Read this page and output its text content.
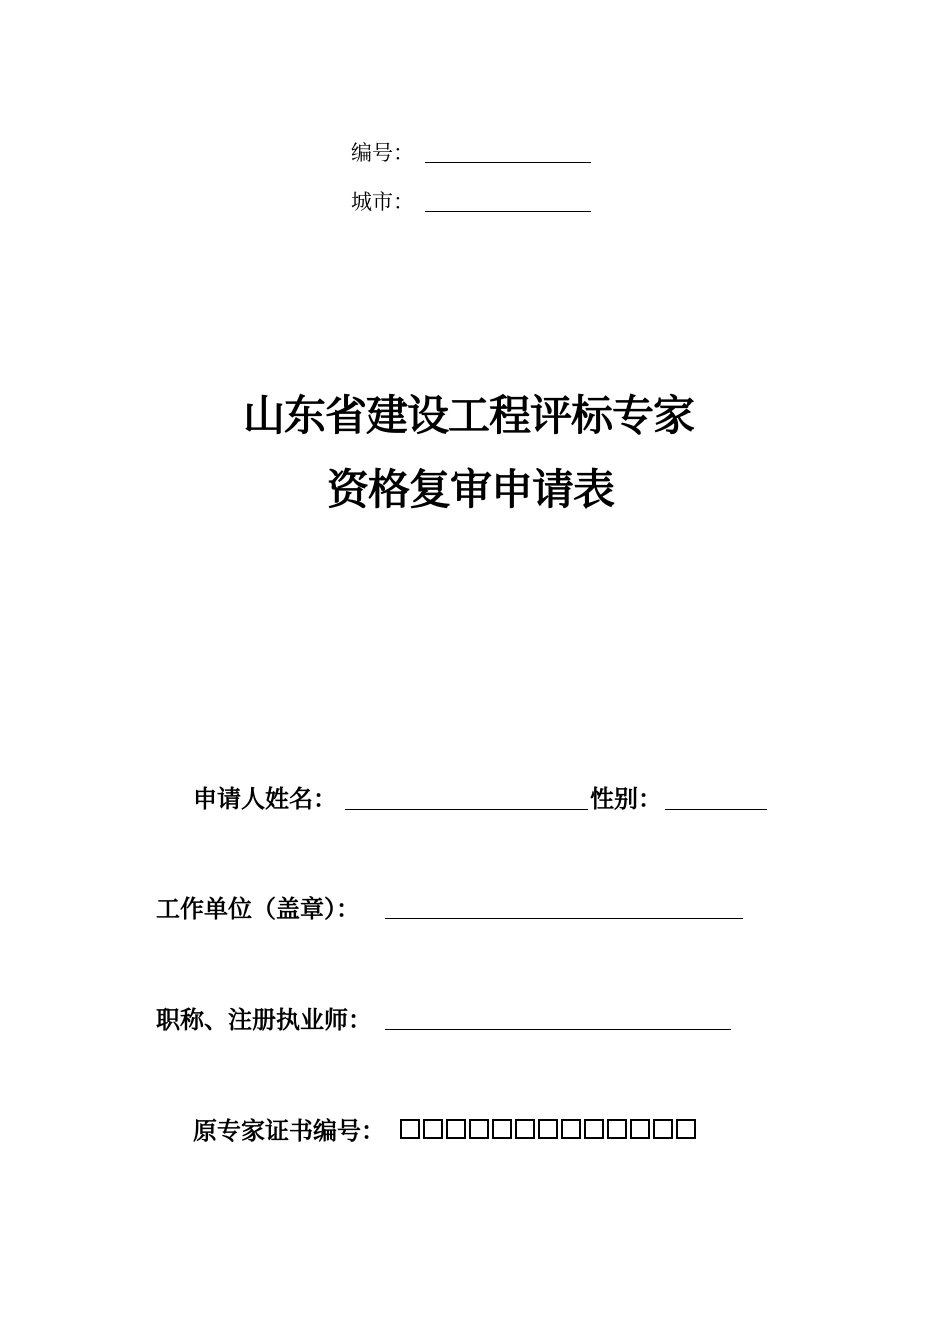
编号：
城市：
山东省建设工程评标专家
资格复审申请表
申请人姓名：	性别：
工作单位（盖章）：
职称、注册执业师：
原专家证书编号：
